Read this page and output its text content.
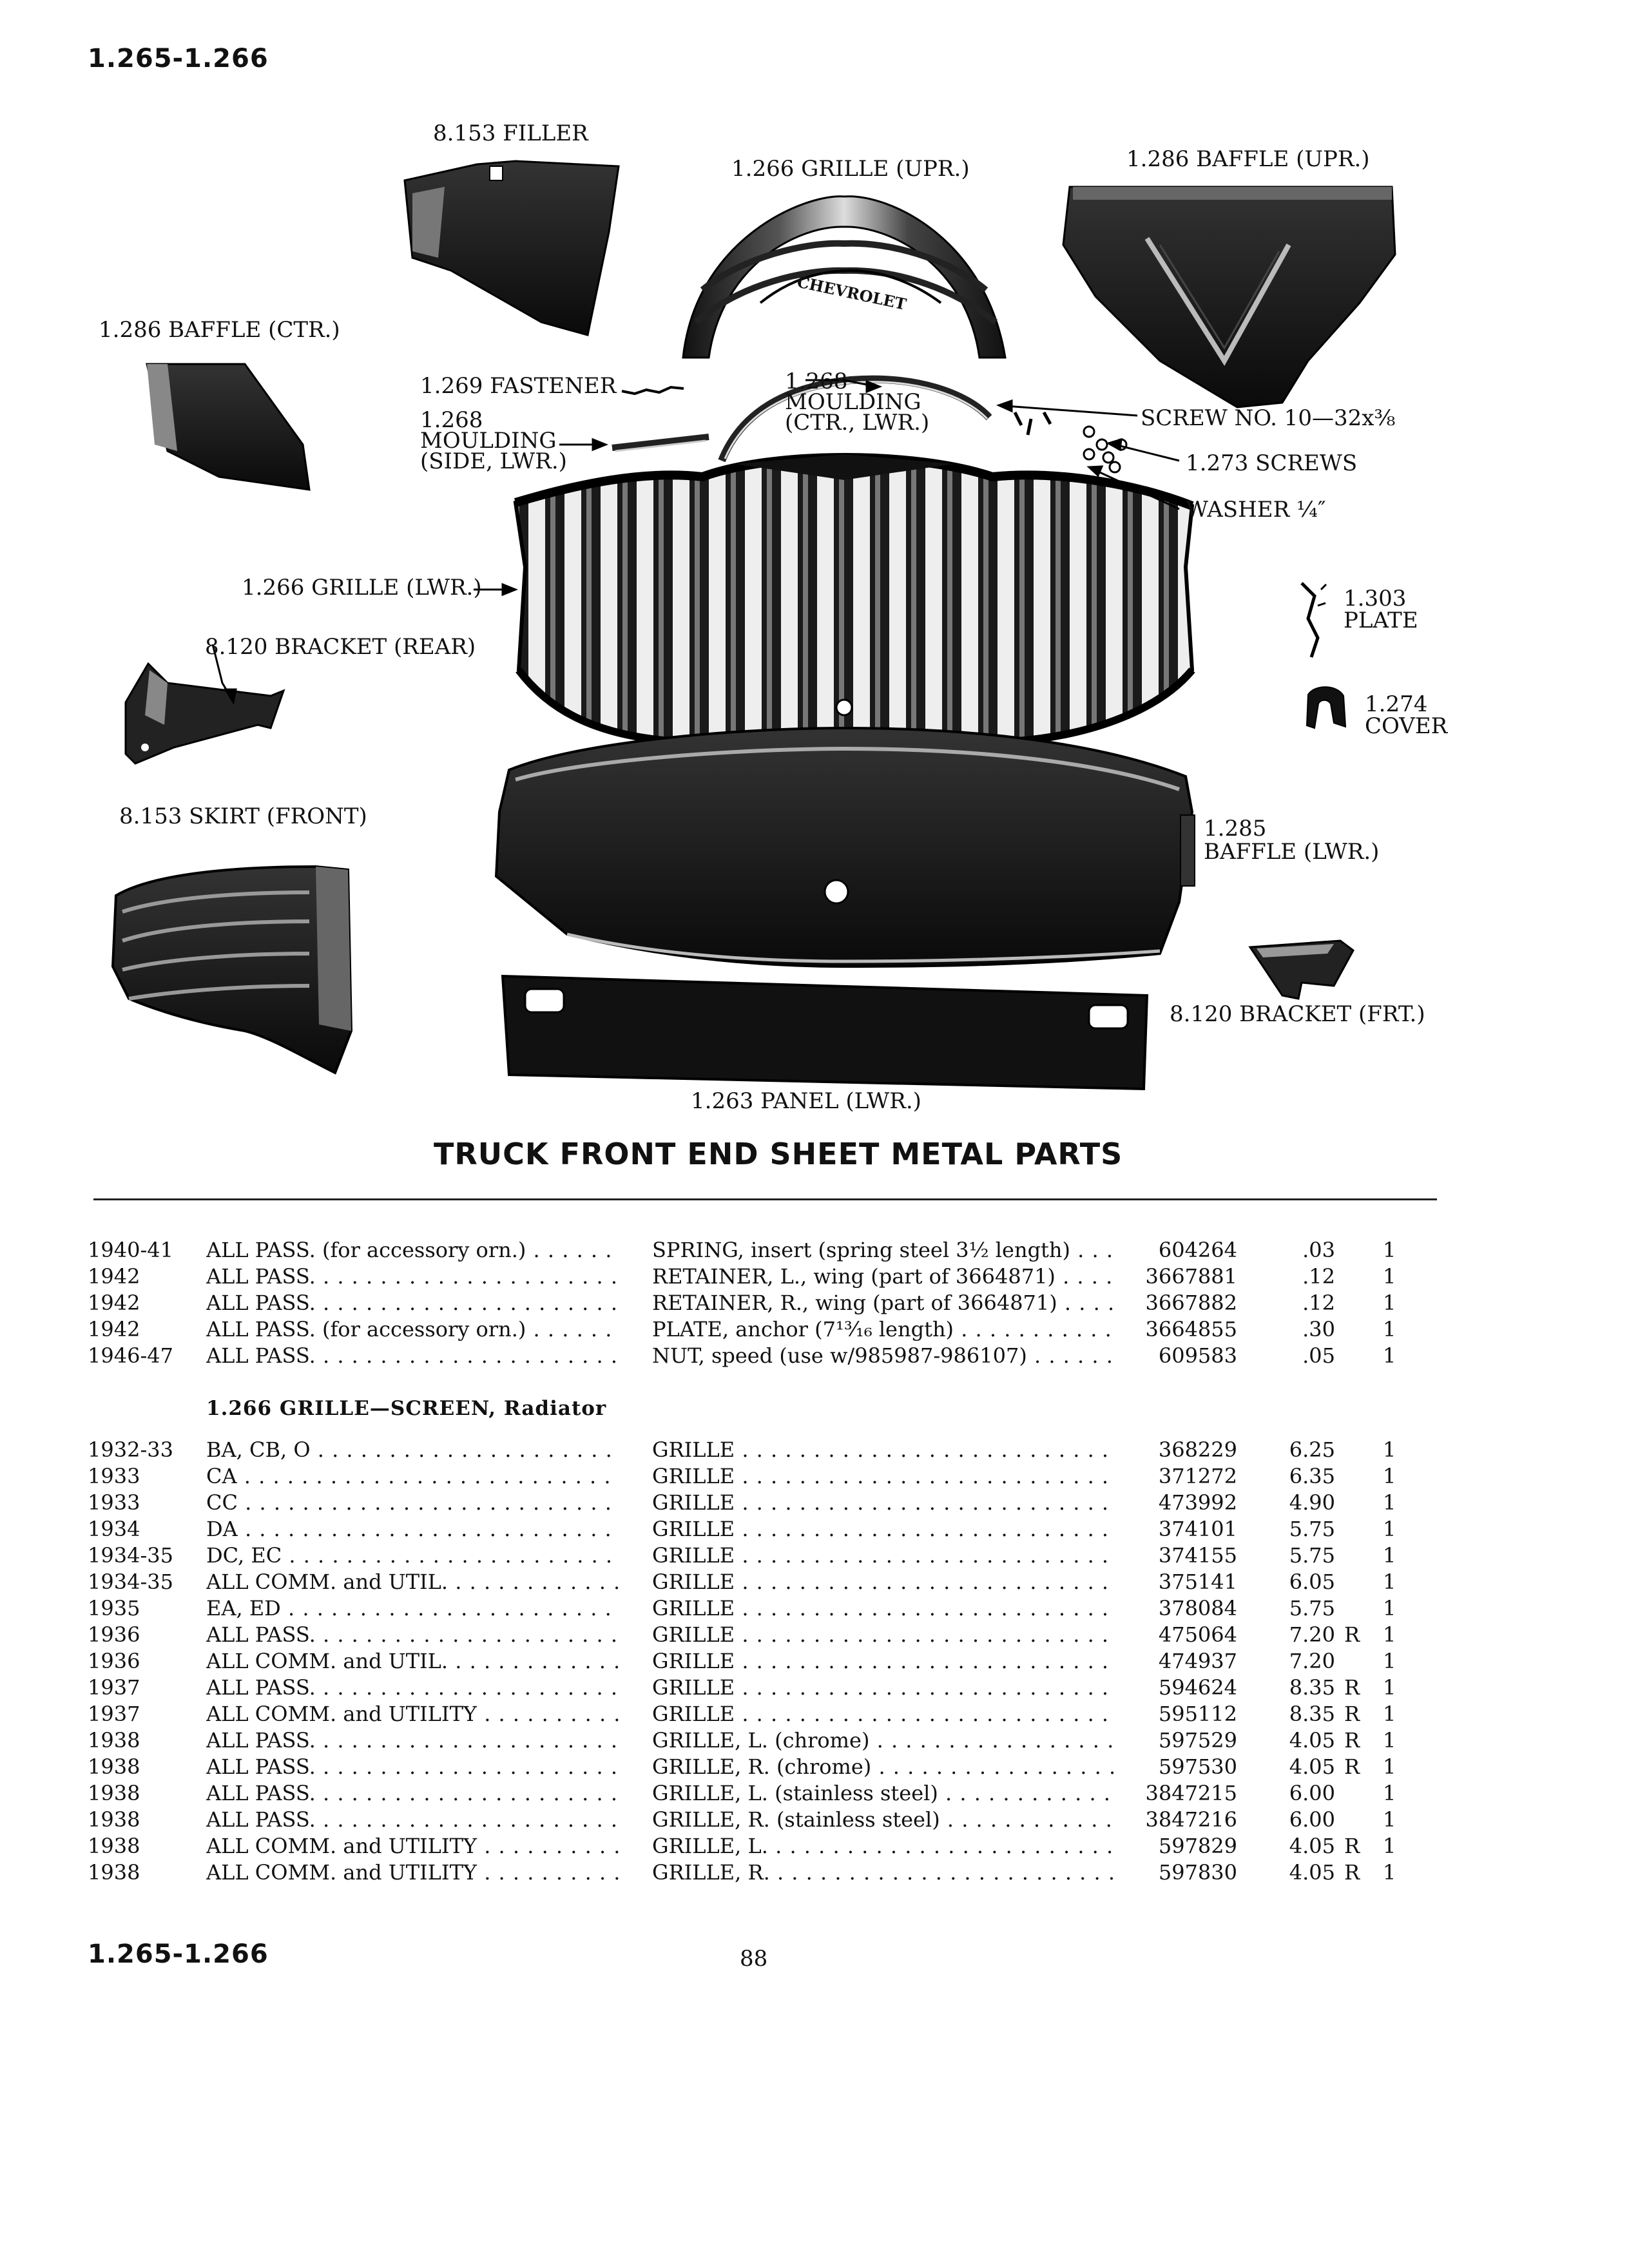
1.265-1.266
1.265-1.266	88
CHEVROLET
8.153 FILLER
1.266 GRILLE (UPR.)	1.286 BAFFLE (UPR.)
1.286 BAFFLE (CTR.)
1.269 FASTENER
1.268
MOULDING
(SIDE, LWR.)
1.268
MOULDING
(CTR., LWR.)	SCREW NO. 10—32x⅜
1.273 SCREWS
WASHER ¼″
1.266 GRILLE (LWR.)
8.120 BRACKET (REAR)
1.303
PLATE
1.274
COVER
8.153 SKIRT (FRONT)	1.285
BAFFLE (LWR.)
8.120 BRACKET (FRT.)
1.263 PANEL (LWR.)
TRUCK FRONT END SHEET METAL PARTS
1940-41 ALL PASS. (for accessory orn.) . . .	SPRING, insert (spring steel 3½ length) . . .	604264	.03 1
1942	ALL PASS. . . .	RETAINER, L., wing (part of 3664871) . . .	3667881	.12 1
1942	ALL PASS. . . .	RETAINER, R., wing (part of 3664871) . . .	3667882	.12 1
1942	ALL PASS. (for accessory orn.) . . .	PLATE, anchor (7¹³⁄₁₆ length) . . .	3664855	.30 1
1946-47 ALL PASS. . . .	NUT, speed (use w/985987-986107) . . .	609583	.05 1
1.266 GRILLE—SCREEN, Radiator
1932-33 BA, CB, O . . .	GRILLE . . .	368229	6.25 1
1933	CA . . .	GRILLE . . .	371272	6.35 1
1933	CC . . .	GRILLE . . .	473992	4.90 1
1934	DA . . .	GRILLE . . .	374101	5.75 1
1934-35 DC, EC . . .	GRILLE . . .	374155	5.75 1
1934-35 ALL COMM. and UTIL. . . .	GRILLE . . .	375141	6.05 1
1935	EA, ED . . .	GRILLE . . .	378084	5.75 1
1936	ALL PASS. . . .	GRILLE . . .	475064	7.20 R 1
1936	ALL COMM. and UTIL. . . .	GRILLE . . .	474937	7.20 1
1937	ALL PASS. . . .	GRILLE . . .	594624	8.35 R 1
1937	ALL COMM. and UTILITY . . .	GRILLE . . .	595112	8.35 R 1
1938	ALL PASS. . . .	GRILLE, L. (chrome) . . .	597529	4.05 R 1
1938	ALL PASS. . . .	GRILLE, R. (chrome) . . .	597530	4.05 R 1
1938	ALL PASS. . . .	GRILLE, L. (stainless steel) . . .	3847215	6.00 1
1938	ALL PASS. . . .	GRILLE, R. (stainless steel) . . .	3847216	6.00 1
1938	ALL COMM. and UTILITY . . .	GRILLE, L. . . .	597829	4.05 R 1
1938	ALL COMM. and UTILITY . . .	GRILLE, R. . . .	597830	4.05 R 1
